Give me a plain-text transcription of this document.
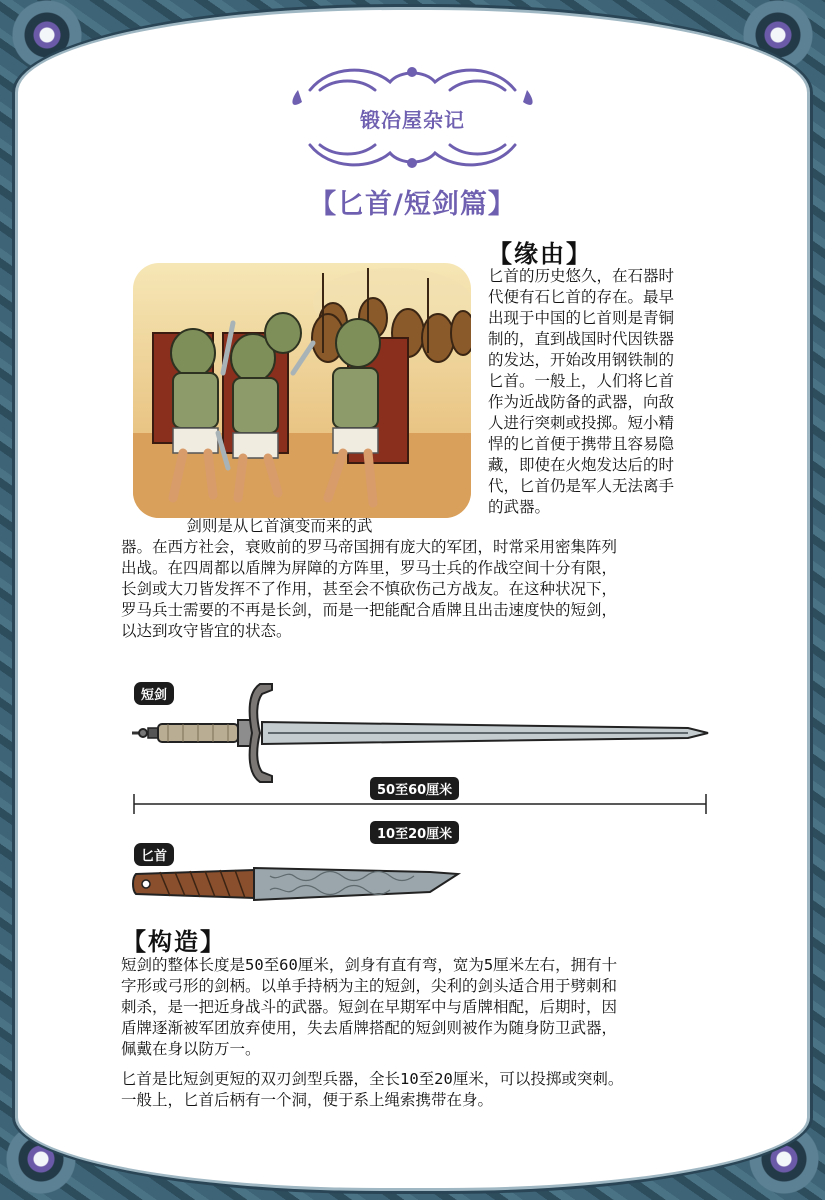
锻冶屋杂记
【匕首/短剑篇】
【缘由】
匕首的历史悠久，在石器时
代便有石匕首的存在。最早
出现于中国的匕首则是青铜
制的，直到战国时代因铁器
的发达，开始改用钢铁制的
匕首。一般上，人们将匕首
作为近战防备的武器，向敌
人进行突刺或投掷。短小精
悍的匕首便于携带且容易隐
藏，即使在火炮发达后的时
代，匕首仍是军人无法离手
的武器。
剑则是从匕首演变而来的武
器。在西方社会，衰败前的罗马帝国拥有庞大的军团，时常采用密集阵列
出战。在四周都以盾牌为屏障的方阵里，罗马士兵的作战空间十分有限，
长剑或大刀皆发挥不了作用，甚至会不慎砍伤己方战友。在这种状况下，
罗马兵士需要的不再是长剑，而是一把能配合盾牌且出击速度快的短剑，
以达到攻守皆宜的状态。
短剑
50至60厘米
10至20厘米
匕首
【构造】
短剑的整体长度是50至60厘米，剑身有直有弯，宽为5厘米左右，拥有十
字形或弓形的剑柄。以单手持柄为主的短剑，尖利的剑头适合用于劈刺和
刺杀，是一把近身战斗的武器。短剑在早期军中与盾牌相配，后期时，因
盾牌逐渐被军团放弃使用，失去盾牌搭配的短剑则被作为随身防卫武器，
佩戴在身以防万一。
匕首是比短剑更短的双刃剑型兵器，全长10至20厘米，可以投掷或突刺。
一般上，匕首后柄有一个洞，便于系上绳索携带在身。
